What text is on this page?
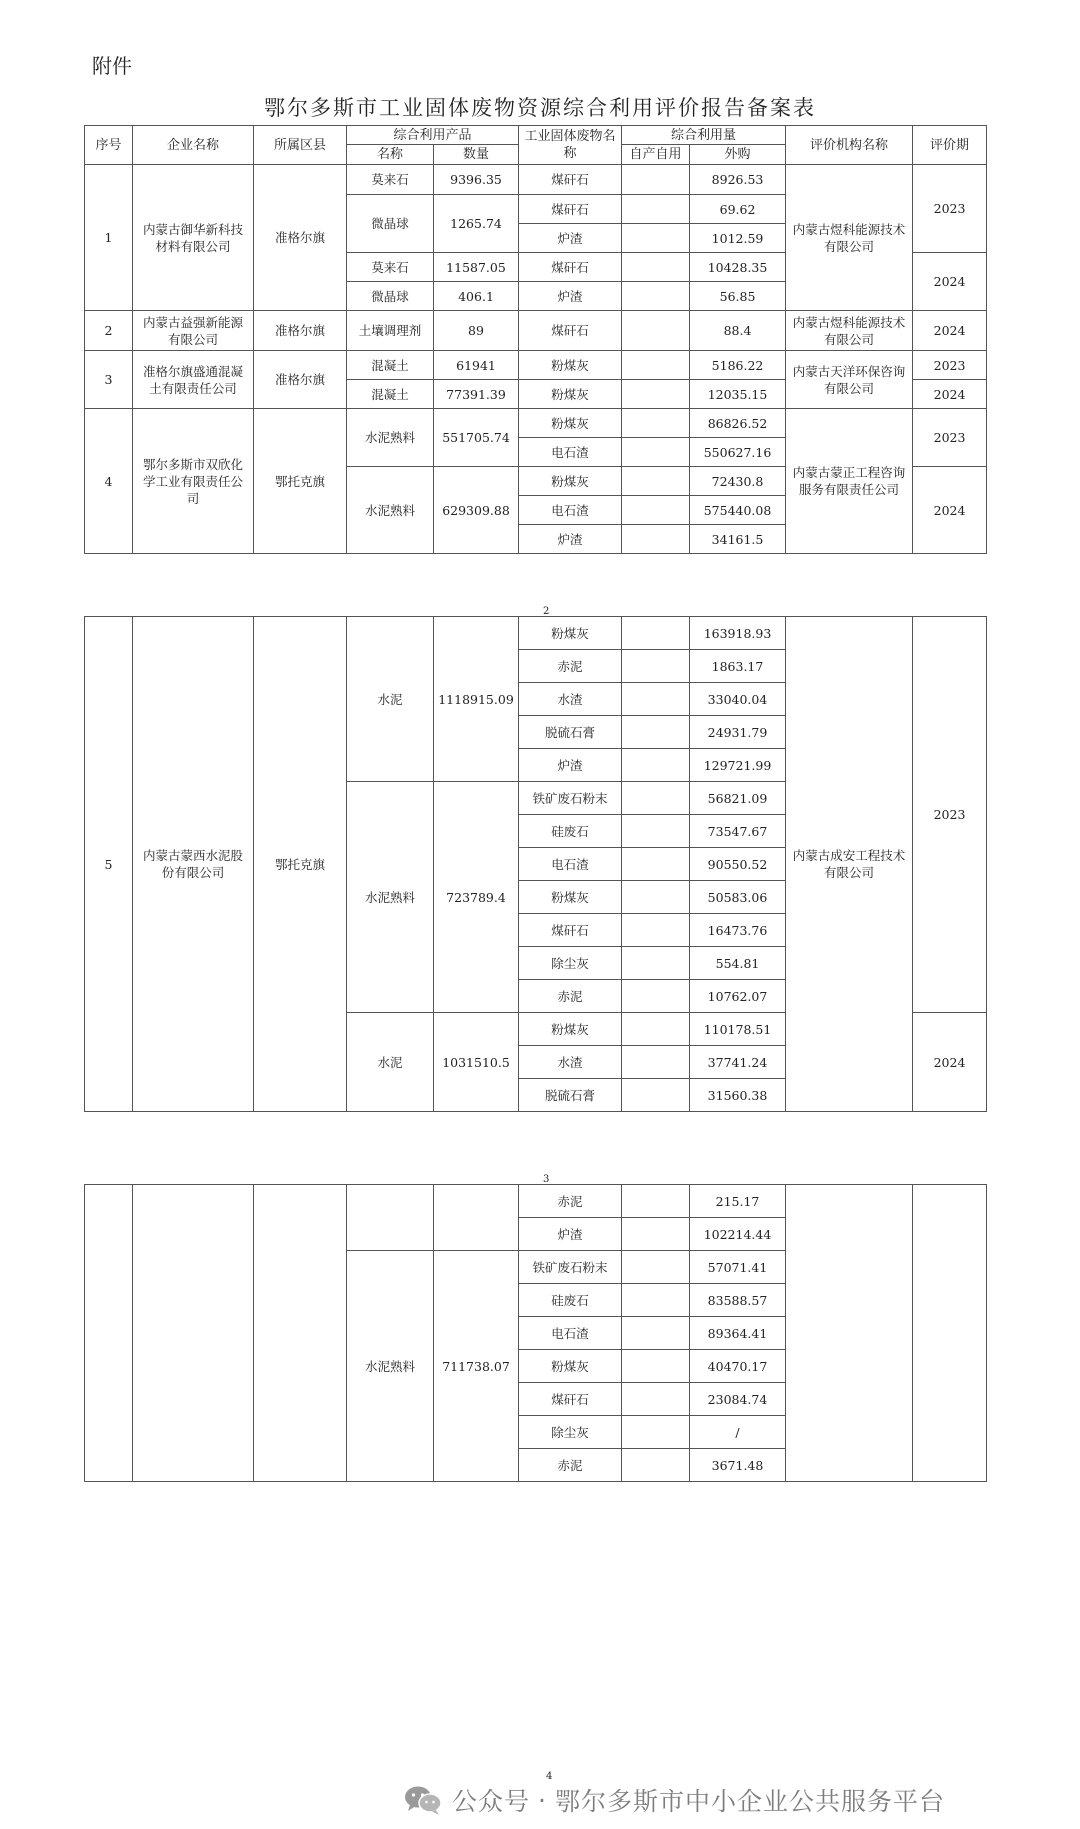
附件
鄂尔多斯市工业固体废物资源综合利用评价报告备案表
序号	企业名称	所属区县	综合利用产品		工业固体废物名称	综合利用量		评价机构名称	评价期
			名称	数量		自产自用	外购		
1	内蒙古御华新科技材料有限公司	准格尔旗	莫来石	9396.35	煤矸石		8926.53	内蒙古煜科能源技术有限公司	2023
			微晶球	1265.74	煤矸石		69.62		
					炉渣		1012.59		
			莫来石	11587.05	煤矸石		10428.35		2024
			微晶球	406.1	炉渣		56.85		
2	内蒙古益强新能源有限公司	准格尔旗	土壤调理剂	89	煤矸石		88.4	内蒙古煜科能源技术有限公司	2024
3	准格尔旗盛通混凝土有限责任公司	准格尔旗	混凝土	61941	粉煤灰		5186.22	内蒙古天洋环保咨询有限公司	2023
			混凝土	77391.39	粉煤灰		12035.15		2024
4	鄂尔多斯市双欣化学工业有限责任公司	鄂托克旗	水泥熟料	551705.74	粉煤灰		86826.52	内蒙古蒙正工程咨询服务有限责任公司	2023
					电石渣		550627.16		
			水泥熟料	629309.88	粉煤灰		72430.8		2024
					电石渣		575440.08		
					炉渣		34161.5		
2
5	内蒙古蒙西水泥股份有限公司	鄂托克旗	水泥	1118915.09	粉煤灰		163918.93	内蒙古成安工程技术有限公司	2023
					赤泥		1863.17		
					水渣		33040.04		
					脱硫石膏		24931.79		
					炉渣		129721.99		
			水泥熟料	723789.4	铁矿废石粉末		56821.09		
					硅废石		73547.67		
					电石渣		90550.52		
					粉煤灰		50583.06		
					煤矸石		16473.76		
					除尘灰		554.81		
					赤泥		10762.07		
			水泥	1031510.5	粉煤灰		110178.51		2024
					水渣		37741.24		
					脱硫石膏		31560.38		
3
					赤泥		215.17		
					炉渣		102214.44		
			水泥熟料	711738.07	铁矿废石粉末		57071.41		
					硅废石		83588.57		
					电石渣		89364.41		
					粉煤灰		40470.17		
					煤矸石		23084.74		
					除尘灰		/		
					赤泥		3671.48		
4
公众号 · 鄂尔多斯市中小企业公共服务平台
